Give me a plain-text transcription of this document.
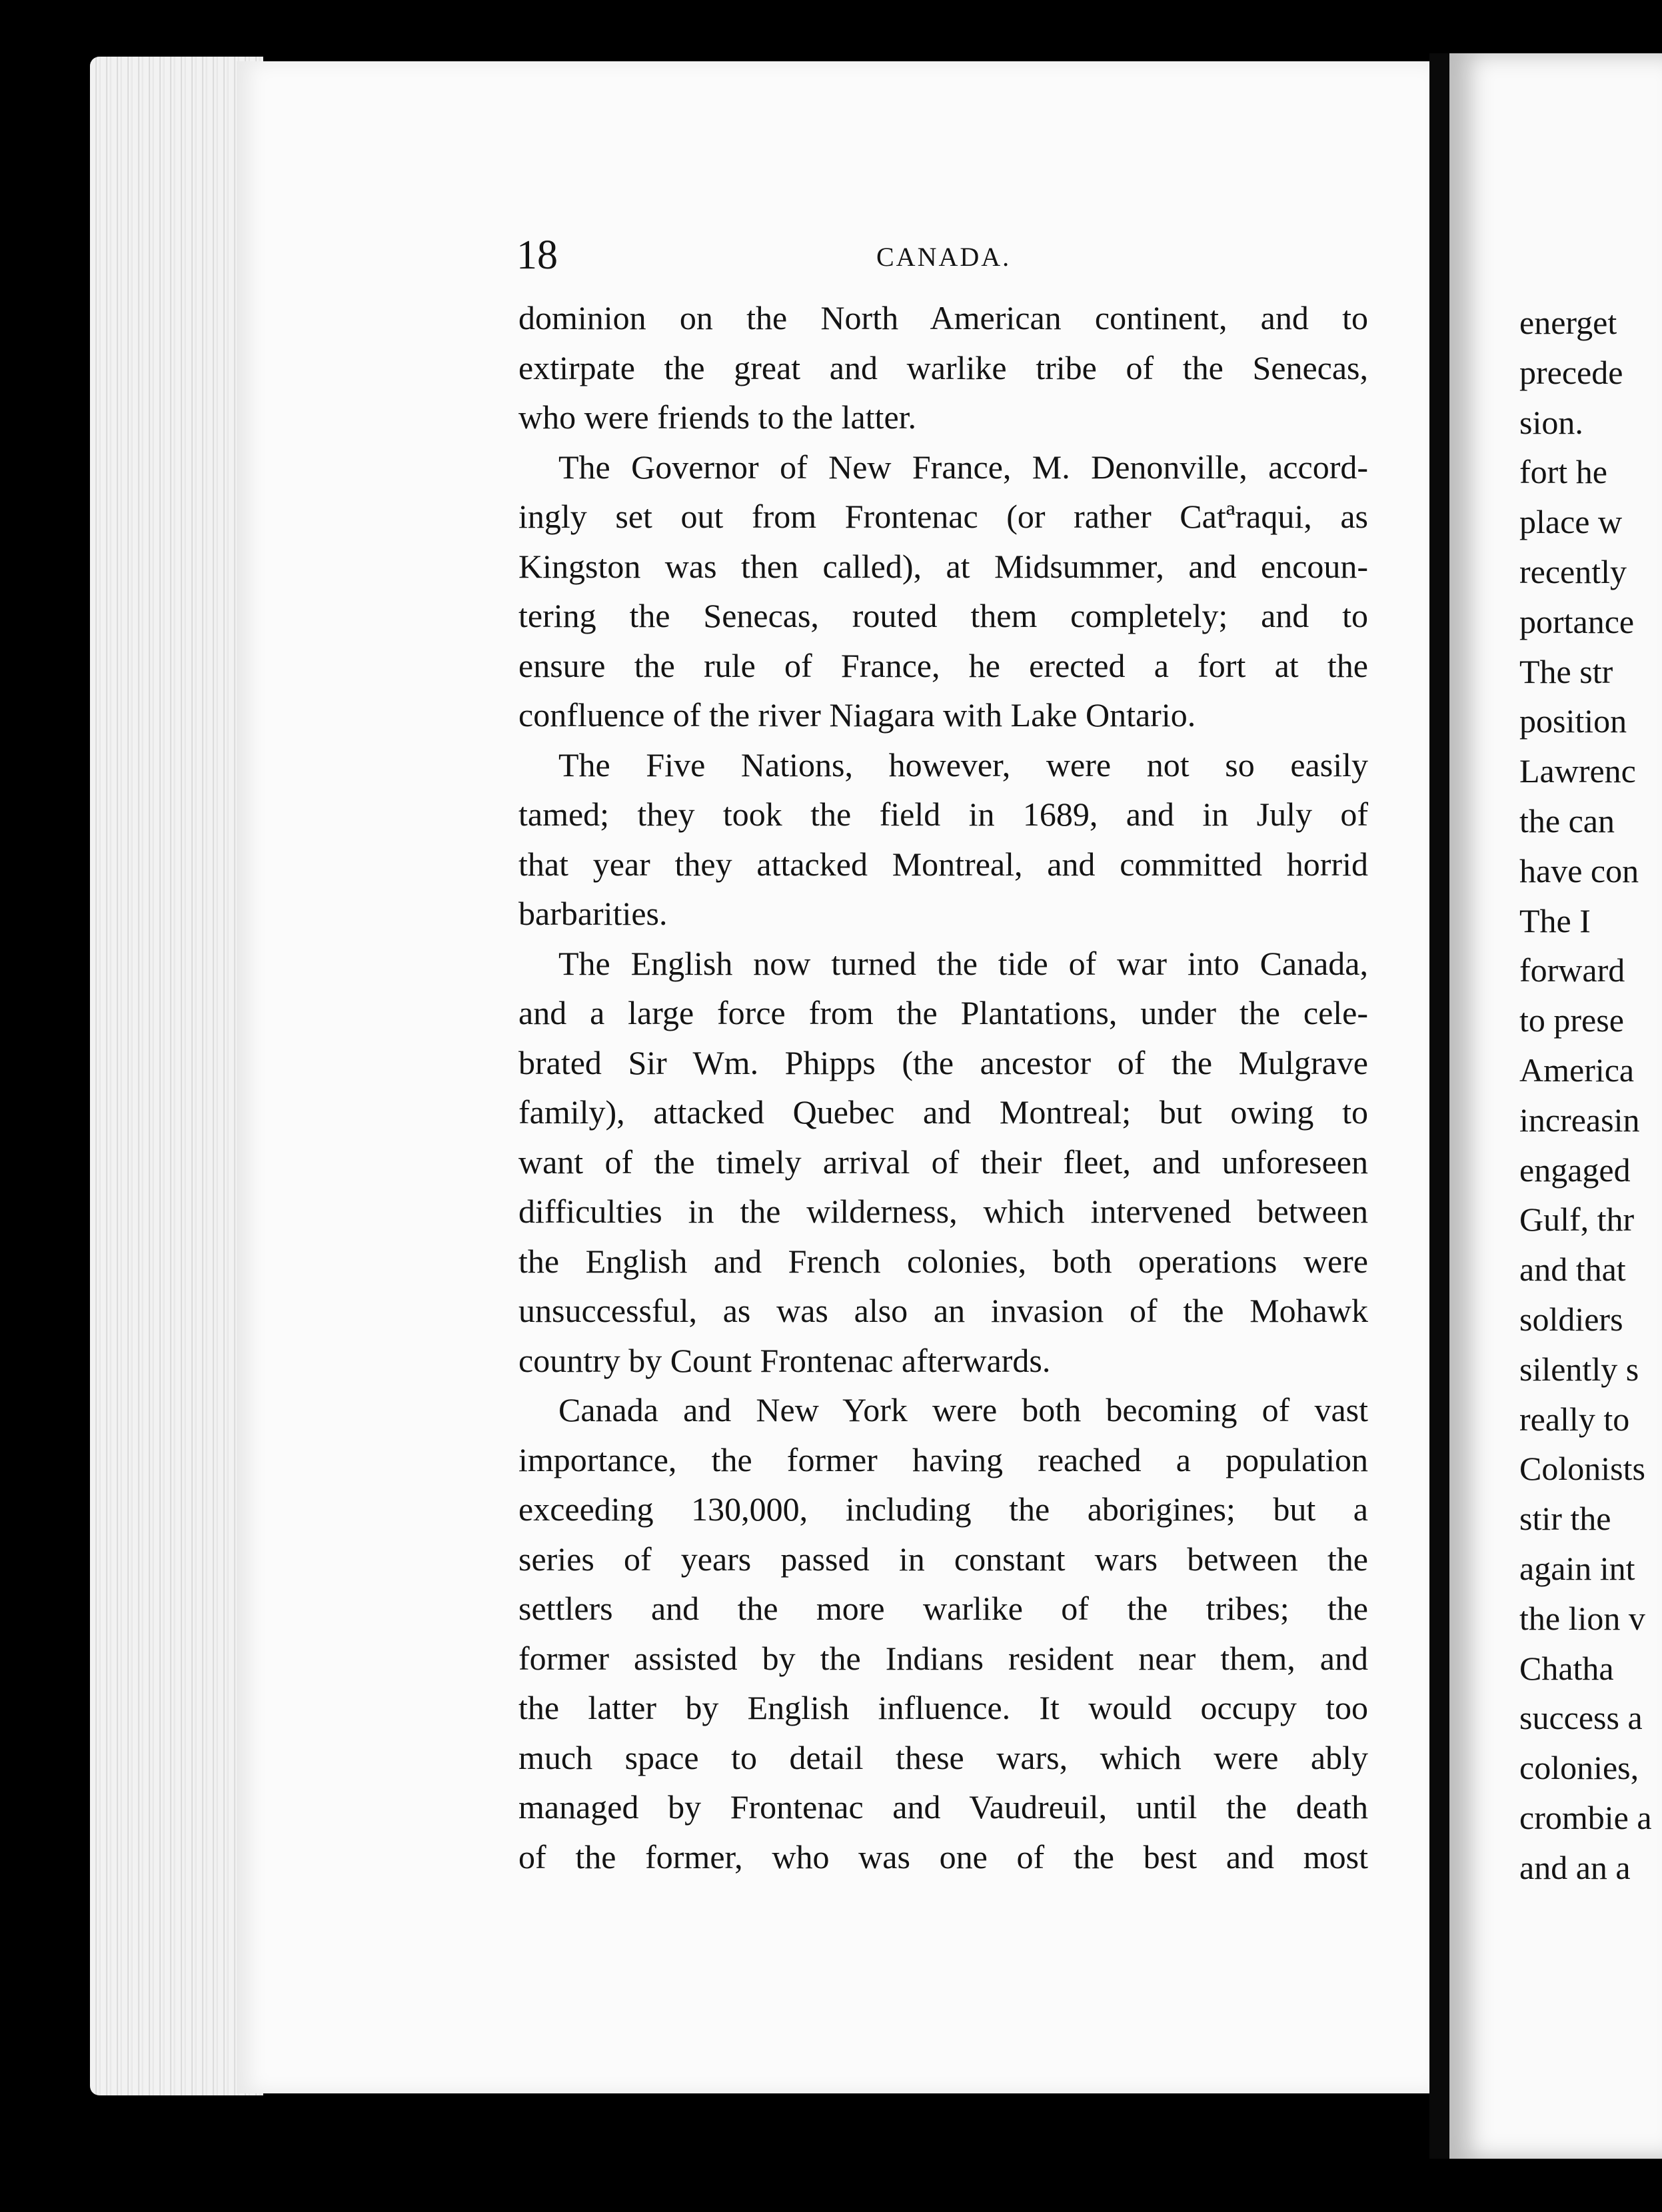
18	CANADA.
dominion on the North American continent, and to
extirpate the great and warlike tribe of the Senecas,
who were friends to the latter.
The Governor of New France, M. Denonville, accord-
ingly set out from Frontenac (or rather Catªraqui, as
Kingston was then called), at Midsummer, and encoun-
tering the Senecas, routed them completely; and to
ensure the rule of France, he erected a fort at the
confluence of the river Niagara with Lake Ontario.
The Five Nations, however, were not so easily
tamed; they took the field in 1689, and in July of
that year they attacked Montreal, and committed horrid
barbarities.
The English now turned the tide of war into Canada,
and a large force from the Plantations, under the cele-
brated Sir Wm. Phipps (the ancestor of the Mulgrave
family), attacked Quebec and Montreal; but owing to
want of the timely arrival of their fleet, and unforeseen
difficulties in the wilderness, which intervened between
the English and French colonies, both operations were
unsuccessful, as was also an invasion of the Mohawk
country by Count Frontenac afterwards.
Canada and New York were both becoming of vast
importance, the former having reached a population
exceeding 130,000, including the aborigines; but a
series of years passed in constant wars between the
settlers and the more warlike of the tribes; the
former assisted by the Indians resident near them, and
the latter by English influence. It would occupy too
much space to detail these wars, which were ably
managed by Frontenac and Vaudreuil, until the death
of the former, who was one of the best and most
energet
precede
sion.
fort he
place w
recently
portance
The str
position
Lawrenc
the can
have con
The I
forward
to prese
America
increasin
engaged
Gulf, thr
and that
soldiers
silently s
really to
Colonists
stir the
again int
the lion v
Chatha
success a
colonies,
crombie a
and an a
